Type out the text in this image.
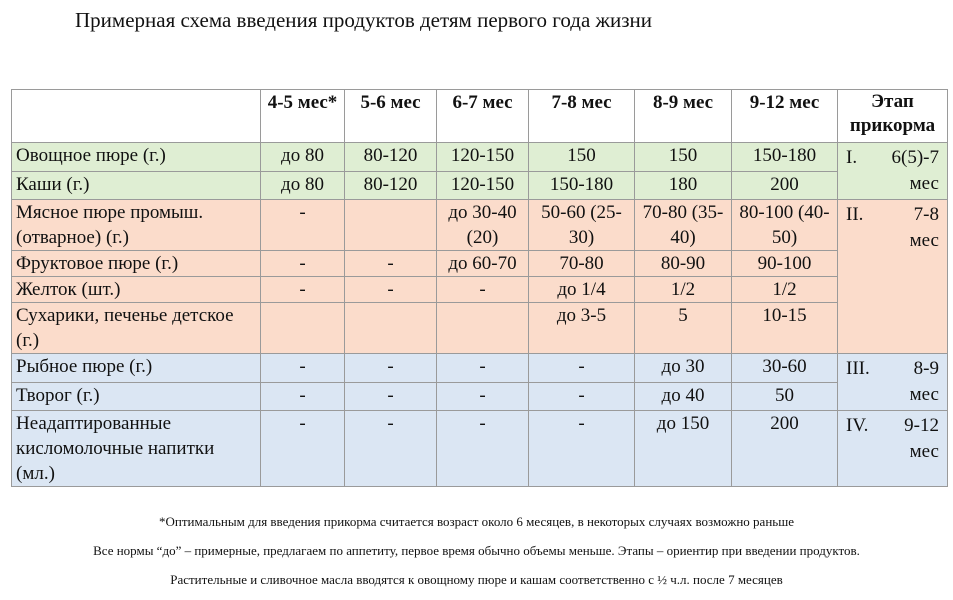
Примерная схема введения продуктов детям первого года жизни
	4-5 мес*	5-6 мес	6-7 мес	7-8 мес	8-9 мес	9-12 мес	Этап прикорма
Овощное пюре (г.)	до 80	80-120	120-150	150	150	150-180	I. 6(5)-7
мес

Каши (г.)	до 80	80-120	120-150	150-180	180	200	
Мясное пюре промыш. (отварное) (г.)	-		до 30-40 (20)	50-60 (25-30)	70-80 (35-40)	80-100 (40-50)	II. 7-8
мес

Фруктовое пюре (г.)	-	-	до 60-70	70-80	80-90	90-100	
Желток (шт.)	-	-	-	до 1/4	1/2	1/2	
Сухарики, печенье детское (г.)				до 3-5	5	10-15	
Рыбное пюре (г.)	-	-	-	-	до 30	30-60	III. 8-9
мес

Творог (г.)	-	-	-	-	до 40	50	
Неадаптированные кисломолочные напитки (мл.)	-	-	-	-	до 150	200	IV. 9-12
мес
*Оптимальным для введения прикорма считается возраст около 6 месяцев, в некоторых случаях возможно раньше
Все нормы “до” – примерные, предлагаем по аппетиту, первое время обычно объемы меньше. Этапы – ориентир при введении продуктов.
Растительные и сливочное масла вводятся к овощному пюре и кашам соответственно с ½ ч.л. после 7 месяцев
